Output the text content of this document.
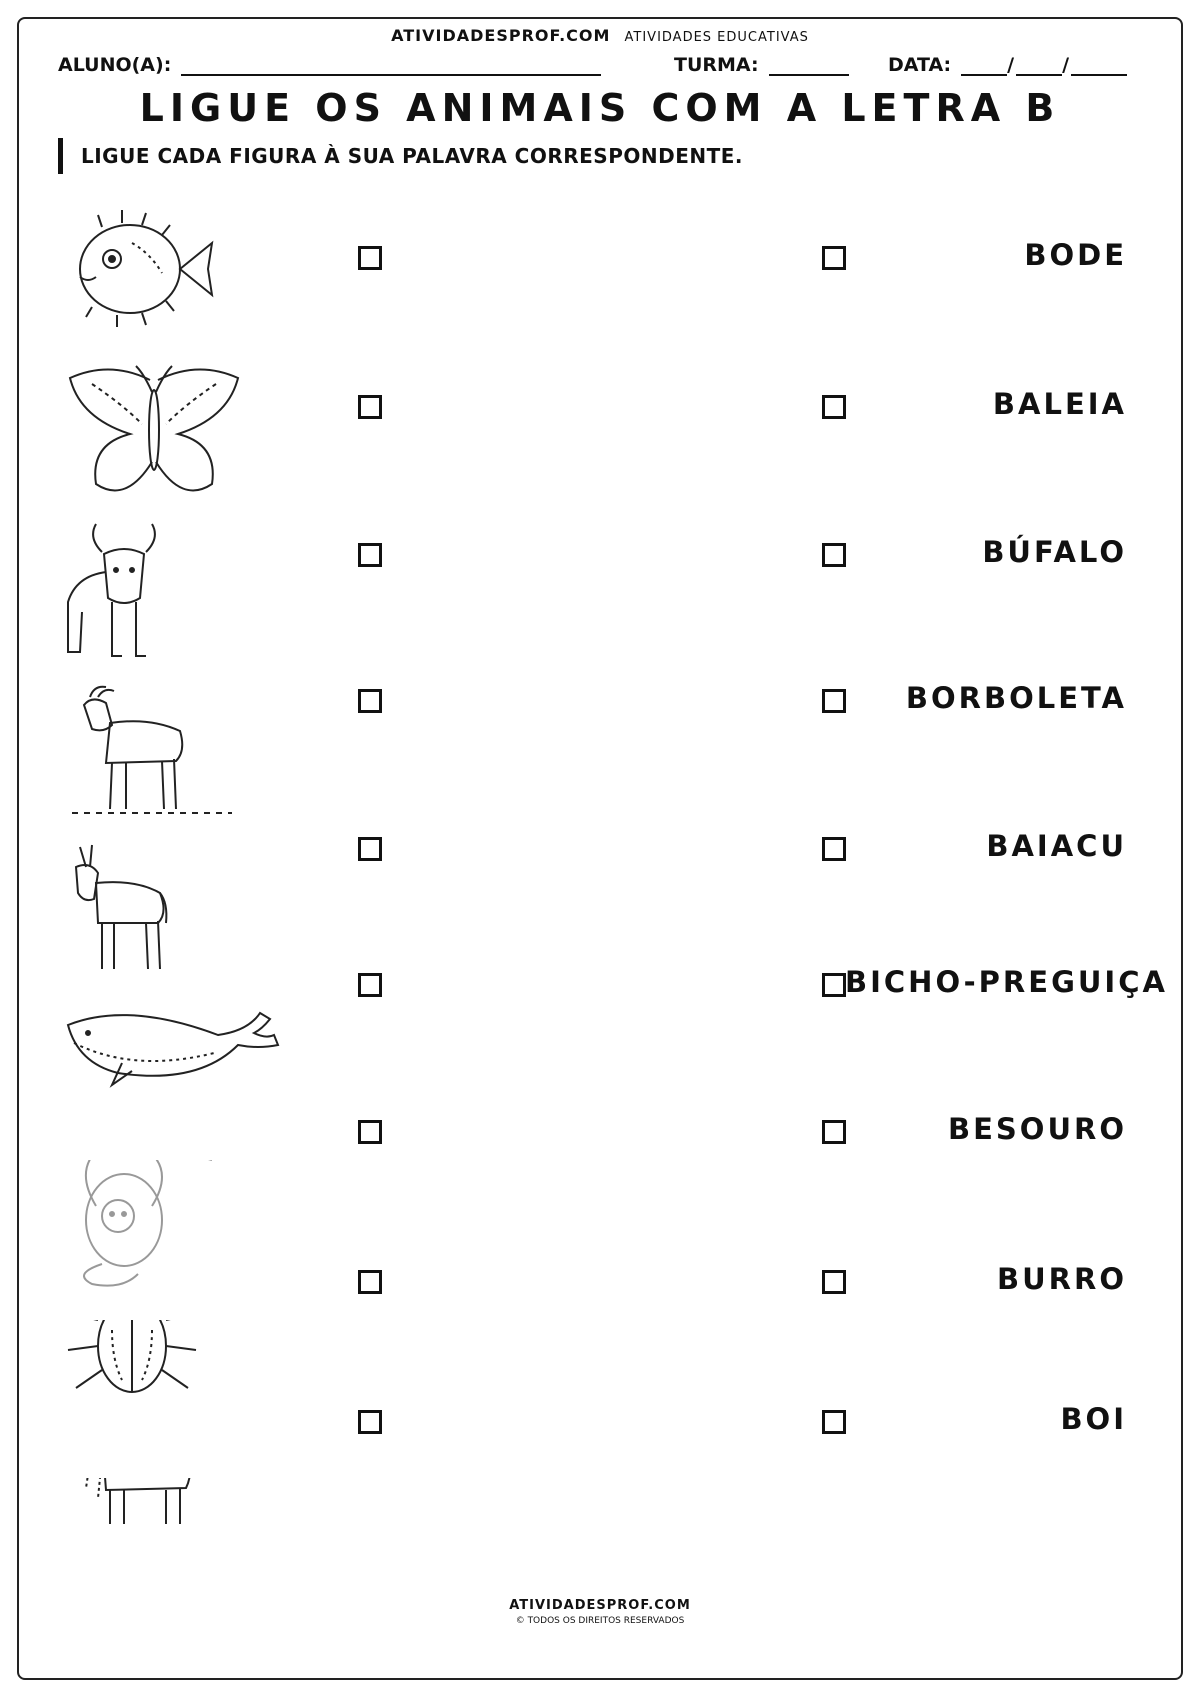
ATIVIDADESPROF.COM ATIVIDADES EDUCATIVAS
ALUNO(A):	TURMA:	DATA:	/	/
LIGUE OS ANIMAIS COM A LETRA B
LIGUE CADA FIGURA À SUA PALAVRA CORRESPONDENTE.
BODE
BALEIA
BÚFALO
BORBOLETA
BAIACU
BICHO-PREGUIÇA
BESOURO
BURRO
BOI
ATIVIDADESPROF.COM
© TODOS OS DIREITOS RESERVADOS
